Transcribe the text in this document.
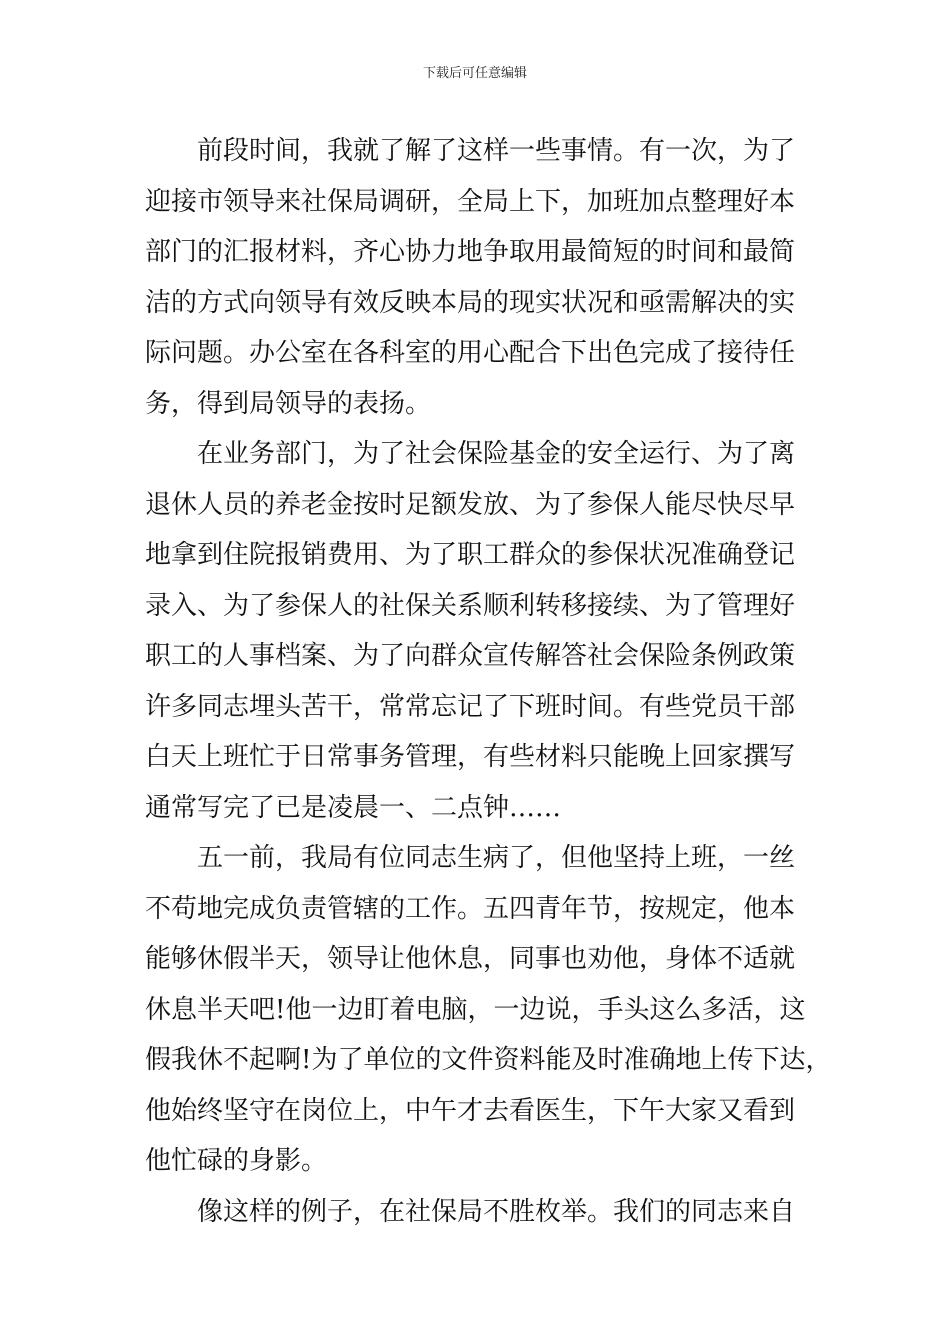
下载后可任意编辑
前段时间，我就了解了这样一些事情。有一次，为了
迎接市领导来社保局调研，全局上下，加班加点整理好本
部门的汇报材料，齐心协力地争取用最简短的时间和最简
洁的方式向领导有效反映本局的现实状况和亟需解决的实
际问题。办公室在各科室的用心配合下出色完成了接待任
务，得到局领导的表扬。
在业务部门，为了社会保险基金的安全运行、为了离
退休人员的养老金按时足额发放、为了参保人能尽快尽早
地拿到住院报销费用、为了职工群众的参保状况准确登记
录入、为了参保人的社保关系顺利转移接续、为了管理好
职工的人事档案、为了向群众宣传解答社会保险条例政策
许多同志埋头苦干，常常忘记了下班时间。有些党员干部
白天上班忙于日常事务管理，有些材料只能晚上回家撰写
通常写完了已是凌晨一、二点钟……
五一前，我局有位同志生病了，但他坚持上班，一丝
不苟地完成负责管辖的工作。五四青年节，按规定，他本
能够休假半天，领导让他休息，同事也劝他，身体不适就
休息半天吧!他一边盯着电脑，一边说，手头这么多活，这
假我休不起啊!为了单位的文件资料能及时准确地上传下达，
他始终坚守在岗位上，中午才去看医生，下午大家又看到
他忙碌的身影。
像这样的例子，在社保局不胜枚举。我们的同志来自
